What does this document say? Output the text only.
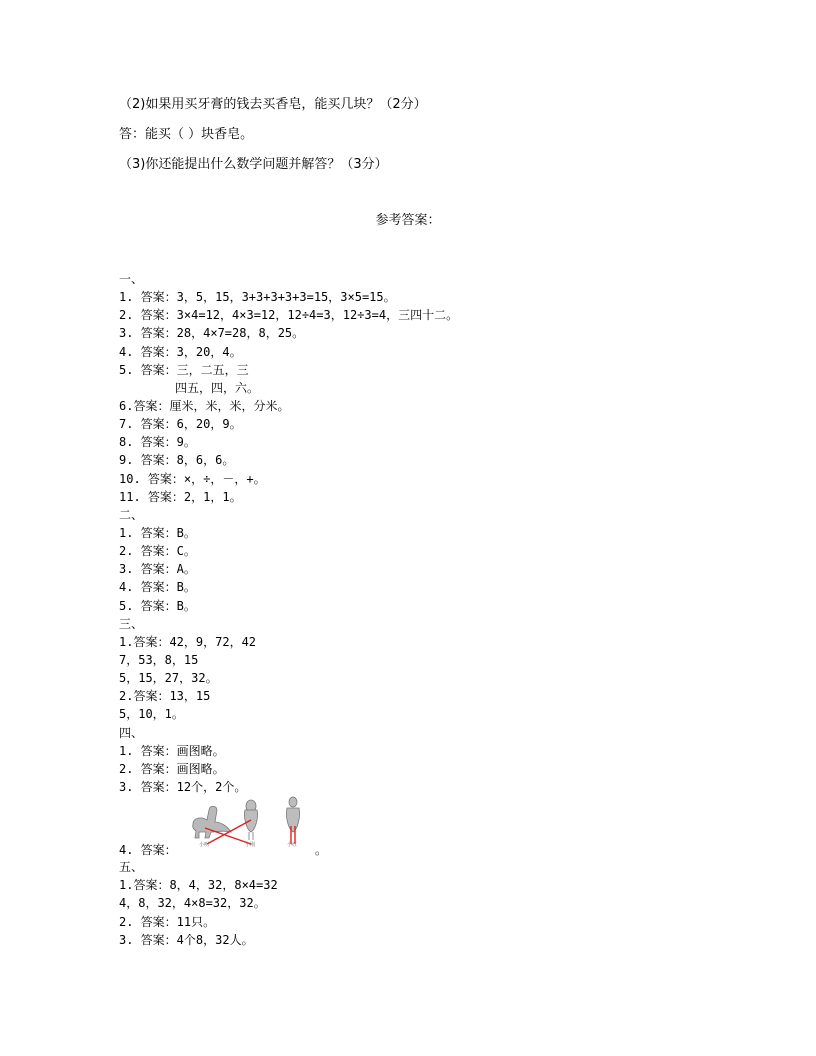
（2)如果用买牙膏的钱去买香皂，能买几块？（2分）
答：能买（ ）块香皂。
（3)你还能提出什么数学问题并解答？（3分）
参考答案：
一、
1. 答案：3，5，15，3+3+3+3+3=15，3×5=15。
2. 答案：3×4=12，4×3=12，12÷4=3，12÷3=4，三四十二。
3. 答案：28，4×7=28，8，25。
4. 答案：3，20，4。
5. 答案：三，二五，三
四五，四，六。
6.答案：厘米，米，米，分米。
7. 答案：6，20，9。
8. 答案：9。
9. 答案：8，6，6。
10. 答案：×，÷，－，+。
11. 答案：2，1，1。
二、
1. 答案：B。
2. 答案：C。
3. 答案：A。
4. 答案：B。
5. 答案：B。
三、
1.答案：42，9，72，42
7，53，8，15
5，15，27，32。
2.答案：13，15
5，10，1。
四、
1. 答案：画图略。
2. 答案：画图略。
3. 答案：12个，2个。
4. 答案：	小明	小刚	小红 。
五、
1.答案：8，4，32，8×4=32
4，8，32，4×8=32，32。
2. 答案：11只。
3. 答案：4个8，32人。
